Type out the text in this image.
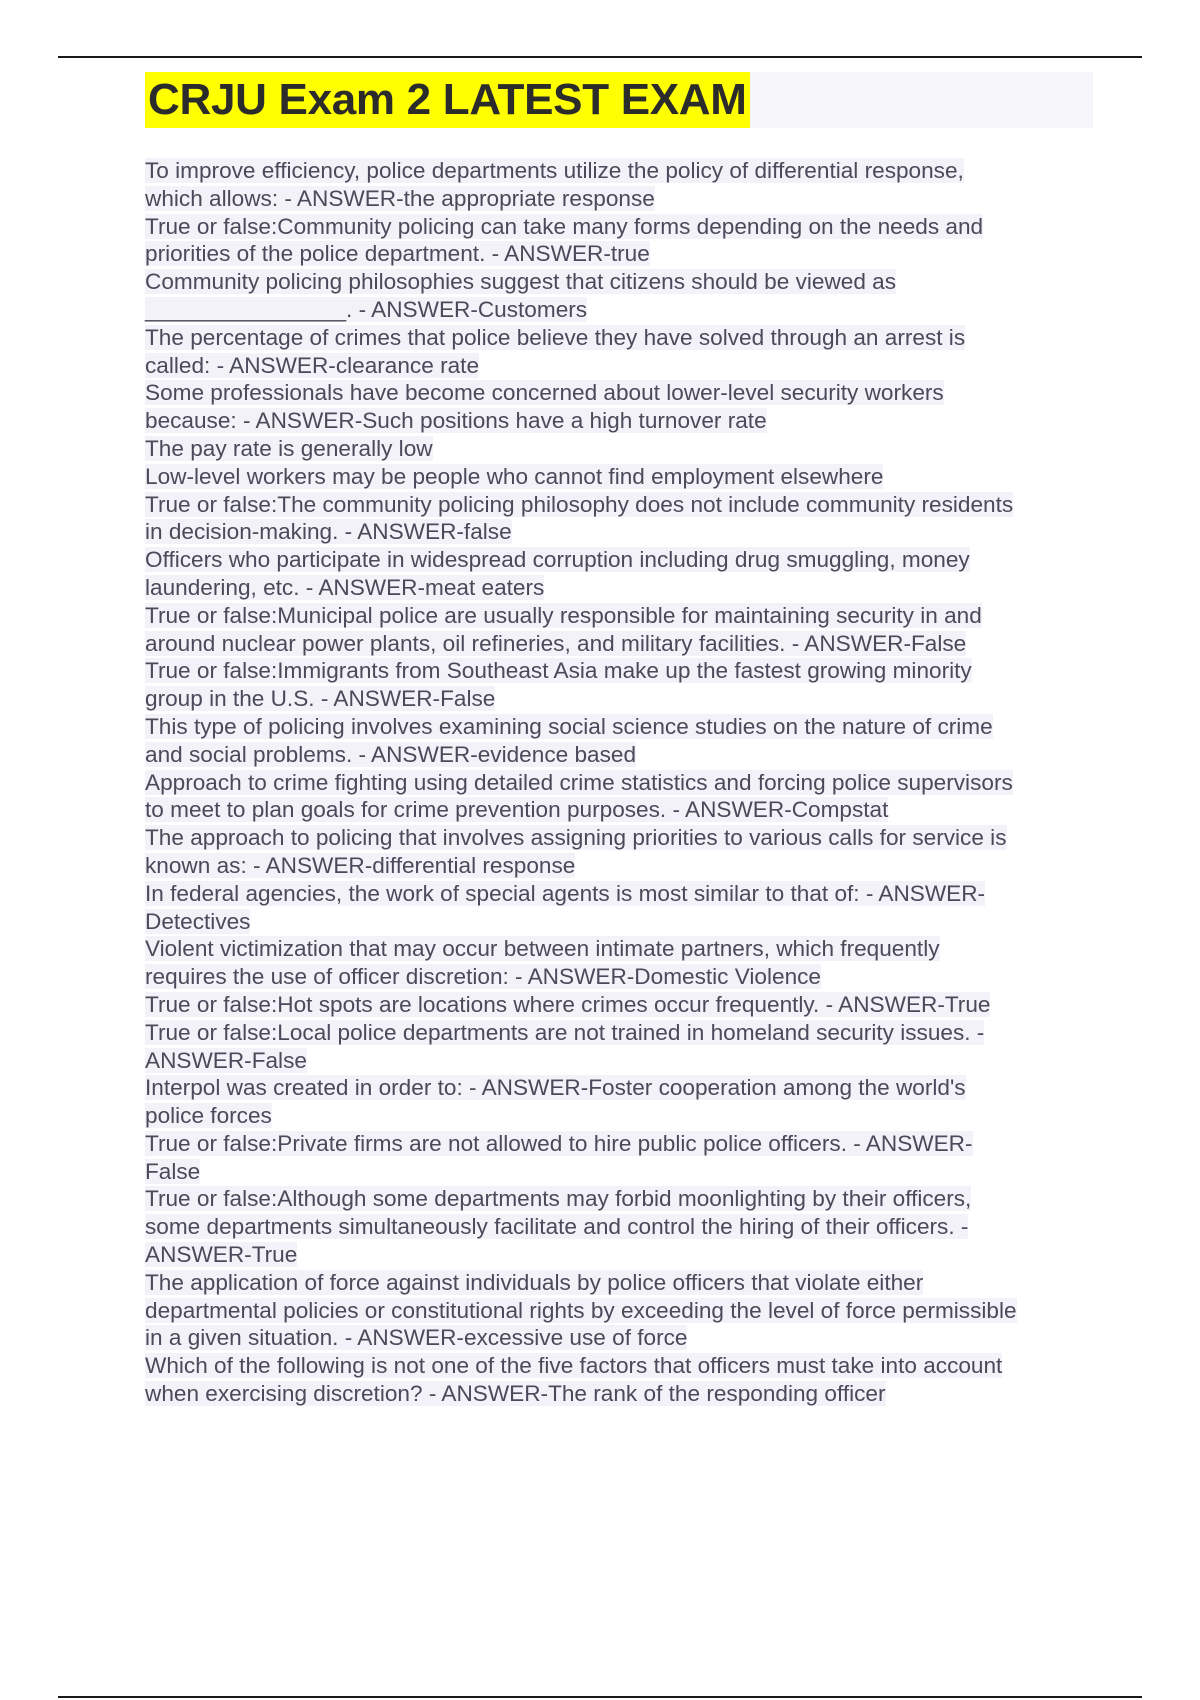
CRJU Exam 2 LATEST EXAM
To improve efficiency, police departments utilize the policy of differential response,
which allows: - ANSWER-the appropriate response
True or false:Community policing can take many forms depending on the needs and
priorities of the police department. - ANSWER-true
Community policing philosophies suggest that citizens should be viewed as
________________. - ANSWER-Customers
The percentage of crimes that police believe they have solved through an arrest is
called: - ANSWER-clearance rate
Some professionals have become concerned about lower-level security workers
because: - ANSWER-Such positions have a high turnover rate
The pay rate is generally low
Low-level workers may be people who cannot find employment elsewhere
True or false:The community policing philosophy does not include community residents
in decision-making. - ANSWER-false
Officers who participate in widespread corruption including drug smuggling, money
laundering, etc. - ANSWER-meat eaters
True or false:Municipal police are usually responsible for maintaining security in and
around nuclear power plants, oil refineries, and military facilities. - ANSWER-False
True or false:Immigrants from Southeast Asia make up the fastest growing minority
group in the U.S. - ANSWER-False
This type of policing involves examining social science studies on the nature of crime
and social problems. - ANSWER-evidence based
Approach to crime fighting using detailed crime statistics and forcing police supervisors
to meet to plan goals for crime prevention purposes. - ANSWER-Compstat
The approach to policing that involves assigning priorities to various calls for service is
known as: - ANSWER-differential response
In federal agencies, the work of special agents is most similar to that of: - ANSWER-
Detectives
Violent victimization that may occur between intimate partners, which frequently
requires the use of officer discretion: - ANSWER-Domestic Violence
True or false:Hot spots are locations where crimes occur frequently. - ANSWER-True
True or false:Local police departments are not trained in homeland security issues. -
ANSWER-False
Interpol was created in order to: - ANSWER-Foster cooperation among the world's
police forces
True or false:Private firms are not allowed to hire public police officers. - ANSWER-
False
True or false:Although some departments may forbid moonlighting by their officers,
some departments simultaneously facilitate and control the hiring of their officers. -
ANSWER-True
The application of force against individuals by police officers that violate either
departmental policies or constitutional rights by exceeding the level of force permissible
in a given situation. - ANSWER-excessive use of force
Which of the following is not one of the five factors that officers must take into account
when exercising discretion? - ANSWER-The rank of the responding officer
